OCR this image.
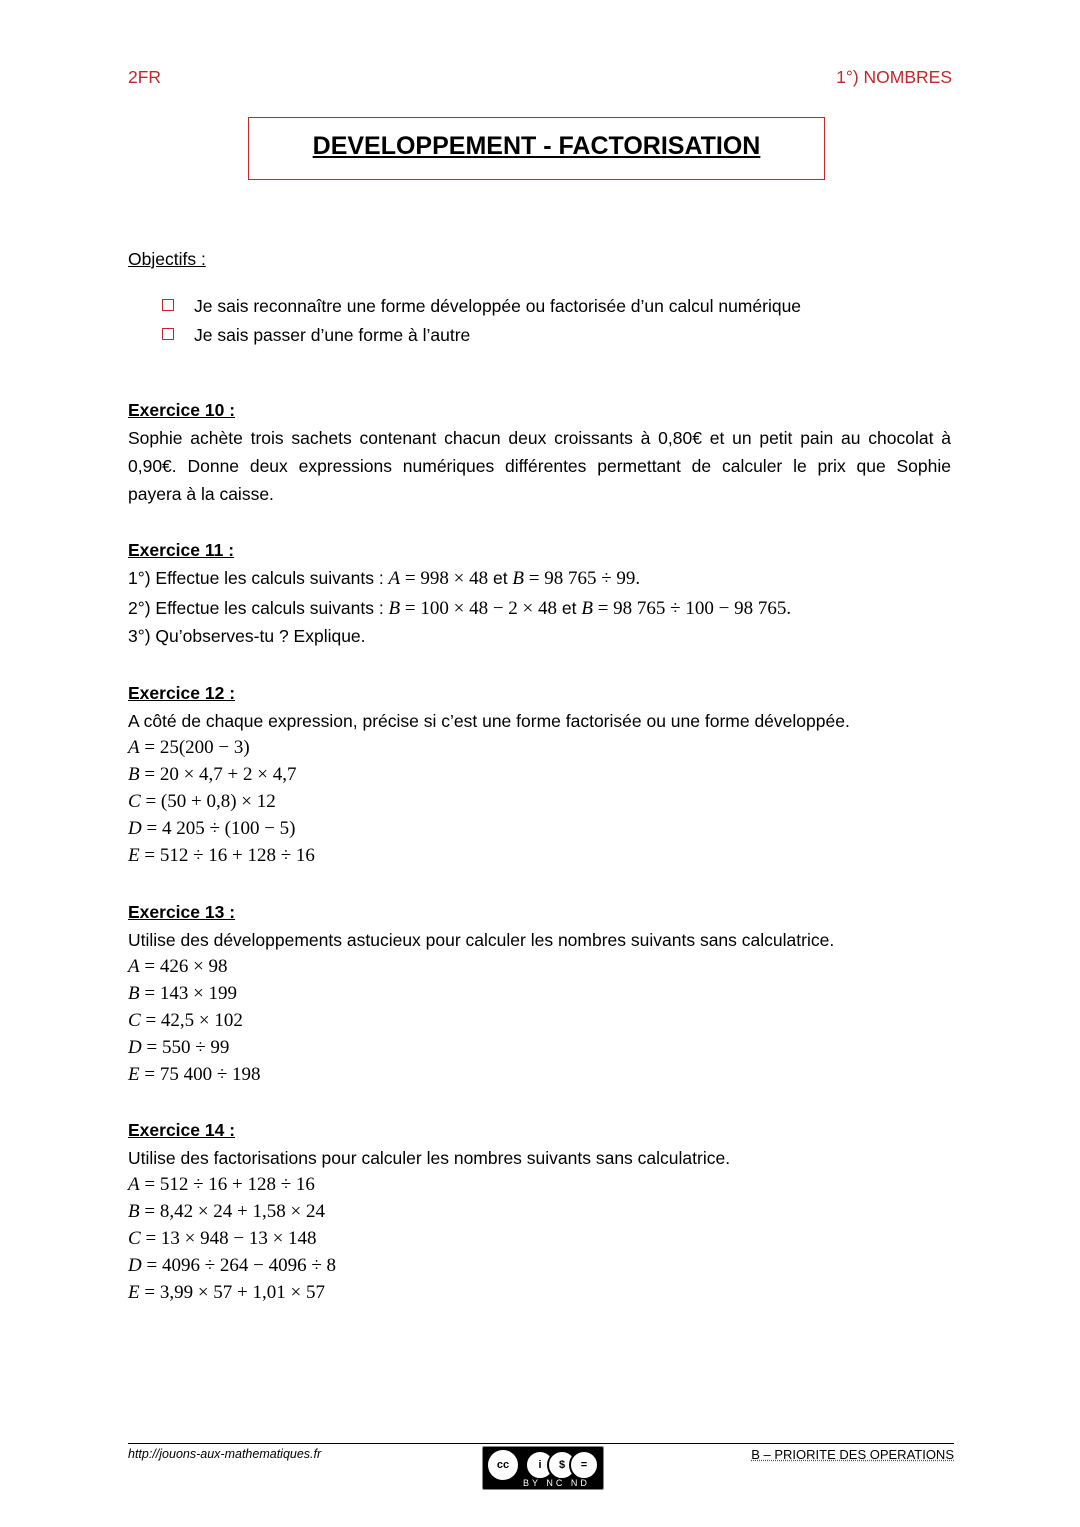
2FR	1°) NOMBRES
DEVELOPPEMENT - FACTORISATION
Objectifs :
Je sais reconnaître une forme développée ou factorisée d’un calcul numérique
Je sais passer d’une forme à l’autre
Exercice 10 :
Sophie achète trois sachets contenant chacun deux croissants à 0,80€ et un petit pain au chocolat à
0,90€. Donne deux expressions numériques différentes permettant de calculer le prix que Sophie
payera à la caisse.
Exercice 11 :
1°) Effectue les calculs suivants : A = 998 × 48 et B = 98 765 ÷ 99.
2°) Effectue les calculs suivants : B = 100 × 48 − 2 × 48 et B = 98 765 ÷ 100 − 98 765.
3°) Qu’observes-tu ? Explique.
Exercice 12 :
A côté de chaque expression, précise si c’est une forme factorisée ou une forme développée.
A = 25(200 − 3)
B = 20 × 4,7 + 2 × 4,7
C = (50 + 0,8) × 12
D = 4 205 ÷ (100 − 5)
E = 512 ÷ 16 + 128 ÷ 16
Exercice 13 :
Utilise des développements astucieux pour calculer les nombres suivants sans calculatrice.
A = 426 × 98
B = 143 × 199
C = 42,5 × 102
D = 550 ÷ 99
E = 75 400 ÷ 198
Exercice 14 :
Utilise des factorisations pour calculer les nombres suivants sans calculatrice.
A = 512 ÷ 16 + 128 ÷ 16
B = 8,42 × 24 + 1,58 × 24
C = 13 × 948 − 13 × 148
D = 4096 ÷ 264 − 4096 ÷ 8
E = 3,99 × 57 + 1,01 × 57
http://jouons-aux-mathematiques.fr
cc	i	$	=
BY NC ND
B – PRIORITE DES OPERATIONS
